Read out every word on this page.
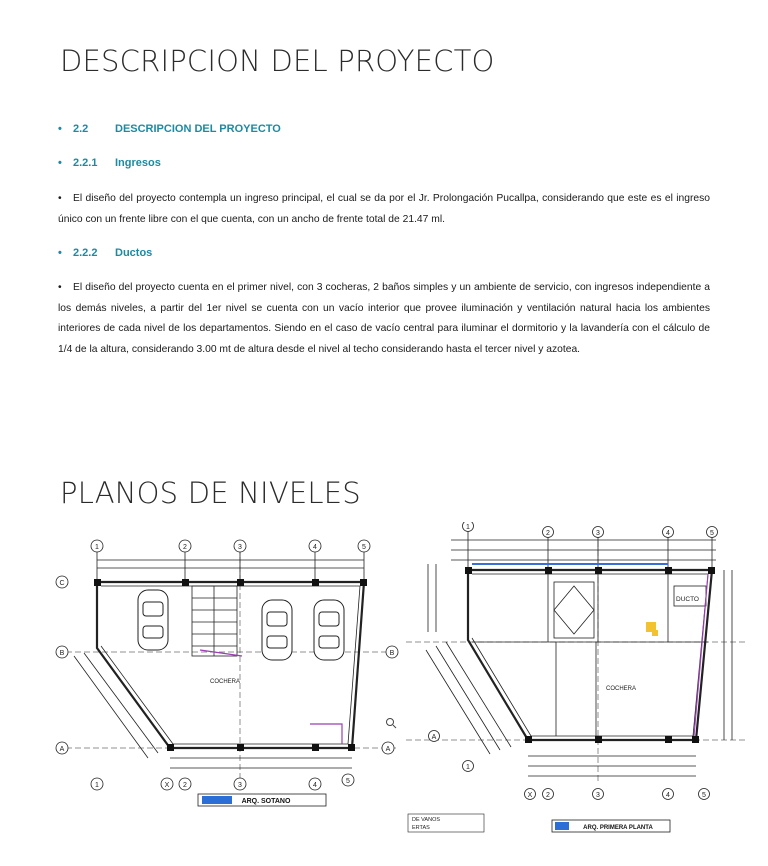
DESCRIPCION DEL PROYECTO
• 2.2 DESCRIPCION DEL PROYECTO
• 2.2.1 Ingresos
•	El diseño del proyecto contempla un ingreso principal, el cual se da por el Jr. Prolongación Pucallpa, considerando que este es el ingreso único con un frente libre con el que cuenta, con un ancho de frente total de 21.47 ml.
• 2.2.2 Ductos
•	El diseño del proyecto cuenta en el primer nivel, con 3 cocheras, 2 baños simples y un ambiente de servicio, con ingresos independiente a los demás niveles, a partir del 1er nivel se cuenta con un vacío interior que provee iluminación y ventilación natural hacia los ambientes interiores de cada nivel de los departamentos. Siendo en el caso de vacío central para iluminar el dormitorio y la lavandería con el cálculo de 1/4 de la altura, considerando 3.00 mt de altura desde el nivel al techo considerando hasta el tercer nivel y azotea.
PLANOS DE NIVELES
COCHERA
1	2	3	4	5
1	X 2	3	4
5
C
B
A
B
A
ARQ. SOTANO
COCHERA
DUCTO
2	3	4	5
1
X 2	3	4	5
A
1
DE VANOS
ERTAS	ARQ. PRIMERA PLANTA
